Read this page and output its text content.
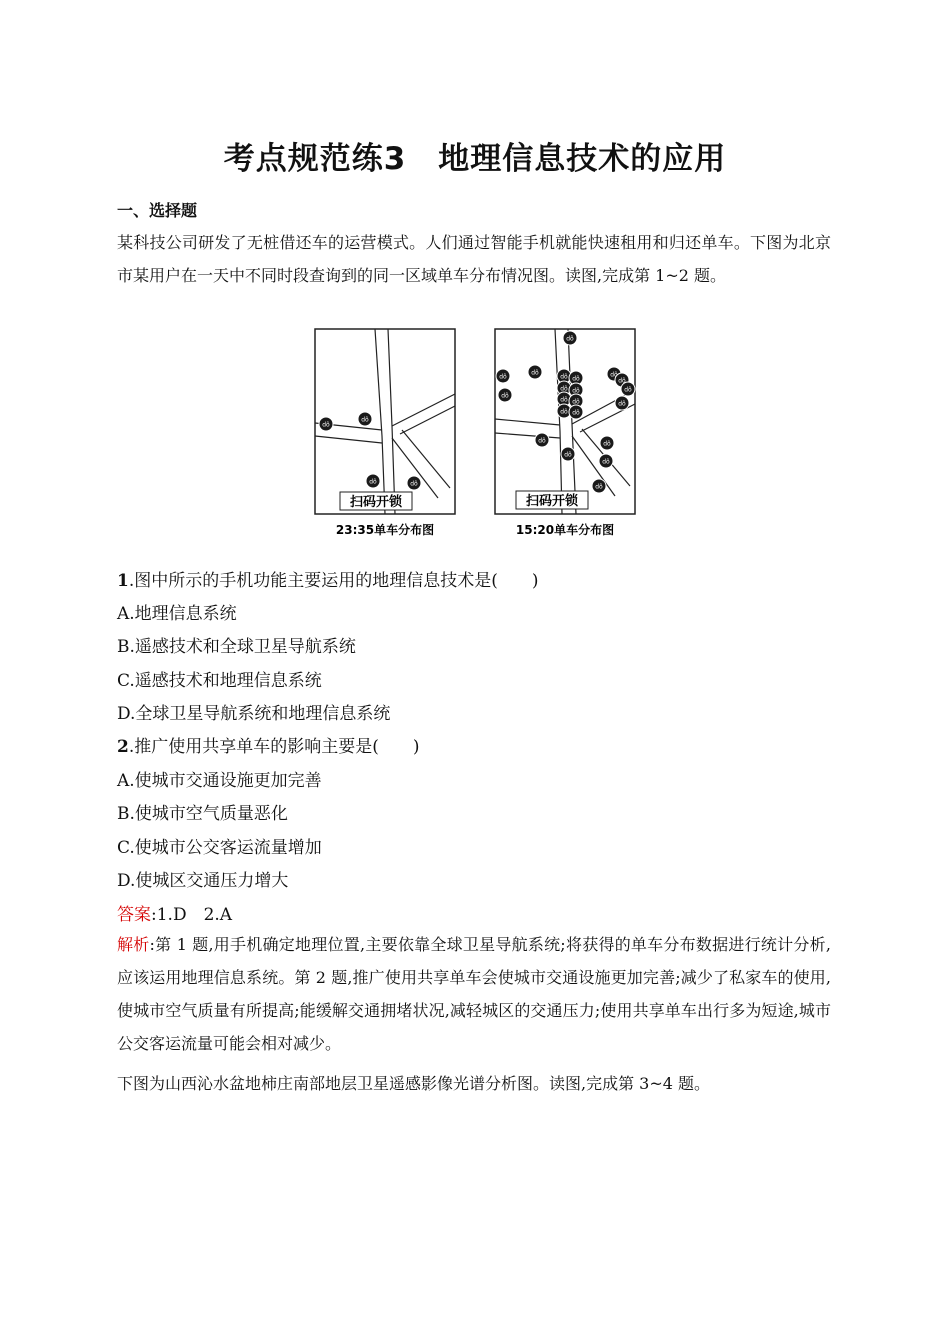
考点规范练3　地理信息技术的应用
一、选择题

某科技公司研发了无桩借还车的运营模式。人们通过智能手机就能快速租用和归还单车。下图为北京市某用户在一天中不同时段查询到的同一区域单车分布情况图。读图,完成第 1~2 题。

扫码开锁
dõ
dõ
dõ	dõ
23:35单车分布图
扫码开锁
dõ
dõ
dõ
dõ
dõ dõ
dõ dõ
dõ dõ
dõ dõ
dõ
dõ
dõ
dõ
dõ
dõ
dõ
dõ
dõ
15:20单车分布图
1.图中所示的手机功能主要运用的地理信息技术是(　　)
A.地理信息系统
B.遥感技术和全球卫星导航系统
C.遥感技术和地理信息系统
D.全球卫星导航系统和地理信息系统
2.推广使用共享单车的影响主要是(　　)
A.使城市交通设施更加完善
B.使城市空气质量恶化
C.使城市公交客运流量增加
D.使城区交通压力增大
答案:1.D　2.A

解析:第 1 题,用手机确定地理位置,主要依靠全球卫星导航系统;将获得的单车分布数据进行统计分析,应该运用地理信息系统。第 2 题,推广使用共享单车会使城市交通设施更加完善;减少了私家车的使用,使城市空气质量有所提高;能缓解交通拥堵状况,减轻城区的交通压力;使用共享单车出行多为短途,城市公交客运流量可能会相对减少。

下图为山西沁水盆地柿庄南部地层卫星遥感影像光谱分析图。读图,完成第 3~4 题。
